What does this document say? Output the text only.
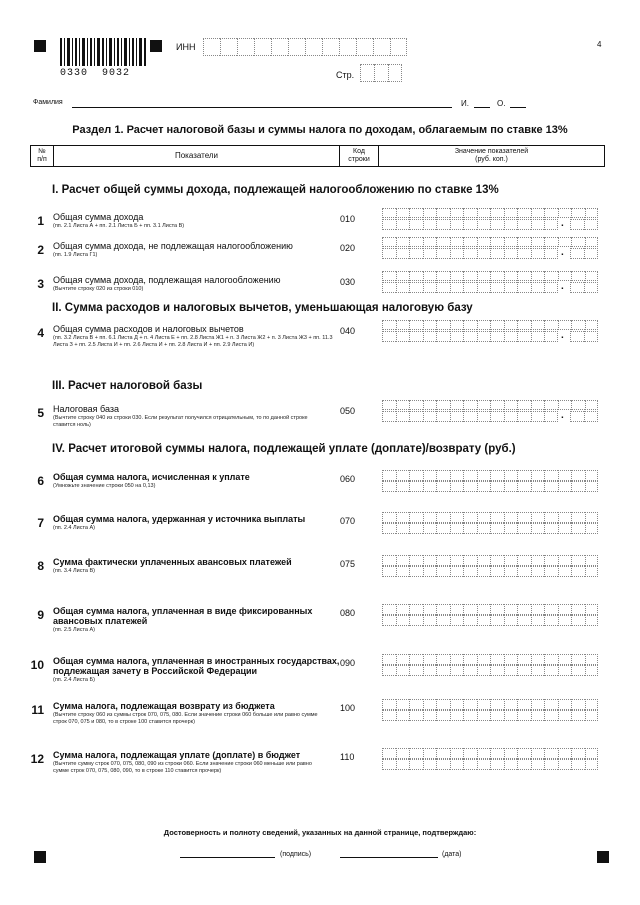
0330  9032
ИНН	4
Стр.
Фамилия	И.	О.
Раздел 1. Расчет налоговой базы и суммы налога по доходам, облагаемым по ставке 13%
№
п/п	Показатели	Код
строки
Значение показателей
(руб. коп.)
I. Расчет общей суммы дохода, подлежащей налогообложению по ставке 13%
II. Сумма расходов и налоговых вычетов, уменьшающая налоговую базу
III. Расчет налоговой базы
IV. Расчет итоговой суммы налога, подлежащей уплате (доплате)/возврату (руб.)
1 Общая сумма дохода
(пп. 2.1 Листа А + пп. 2.1 Листа Б + пп. 3.1 Листа В)
010	.
2 Общая сумма дохода, не подлежащая налогообложению
(пп. 1.9 Листа Г1)
020	.
3 Общая сумма дохода, подлежащая налогообложению
(Вычтите строку 020 из строки 010)
030	.
4 Общая сумма расходов и налоговых вычетов
(пп. 3.2 Листа В + пп. 6.1 Листа Д + п. 4 Листа Е + пп. 2.8 Листа Ж1 + п. 3 Листа Ж2 + п. 3 Листа Ж3 + пп. 11.3 Листа З + пп. 2.5 Листа И + пп. 2.6 Листа И + пп. 2.8 Листа И + пп. 2.9 Листа И)
040	.
5 Налоговая база
(Вычтите строку 040 из строки 030. Если результат получился отрицательным, то по данной строке ставится ноль)
050	.
6 Общая сумма налога, исчисленная к уплате
(Умножьте значение строки 050 на 0,13)
060
7 Общая сумма налога, удержанная у источника выплаты
(пп. 2.4 Листа А)
070
8 Сумма фактически уплаченных авансовых платежей
(пп. 3.4 Листа В)
075
9 Общая сумма налога, уплаченная в виде фиксированных авансовых платежей
(пп. 2.5 Листа А)
080
10 Общая сумма налога, уплаченная в иностранных государствах, подлежащая зачету в Российской Федерации
(пп. 2.4 Листа Б)
090
11 Сумма налога, подлежащая возврату из бюджета
(Вычтите строку 060 из суммы строк 070, 075, 080. Если значение строки 060 больше или равно сумме строк 070, 075 и 080, то в строке 100 ставится прочерк)
100
12 Сумма налога, подлежащая уплате (доплате) в бюджет
(Вычтите сумму строк 070, 075, 080, 090 из строки 060. Если значение строки 060 меньше или равно сумме строк 070, 075, 080, 090, то в строке 110 ставится прочерк)
110
Достоверность и полноту сведений, указанных на данной странице, подтверждаю:
(подпись)	(дата)
